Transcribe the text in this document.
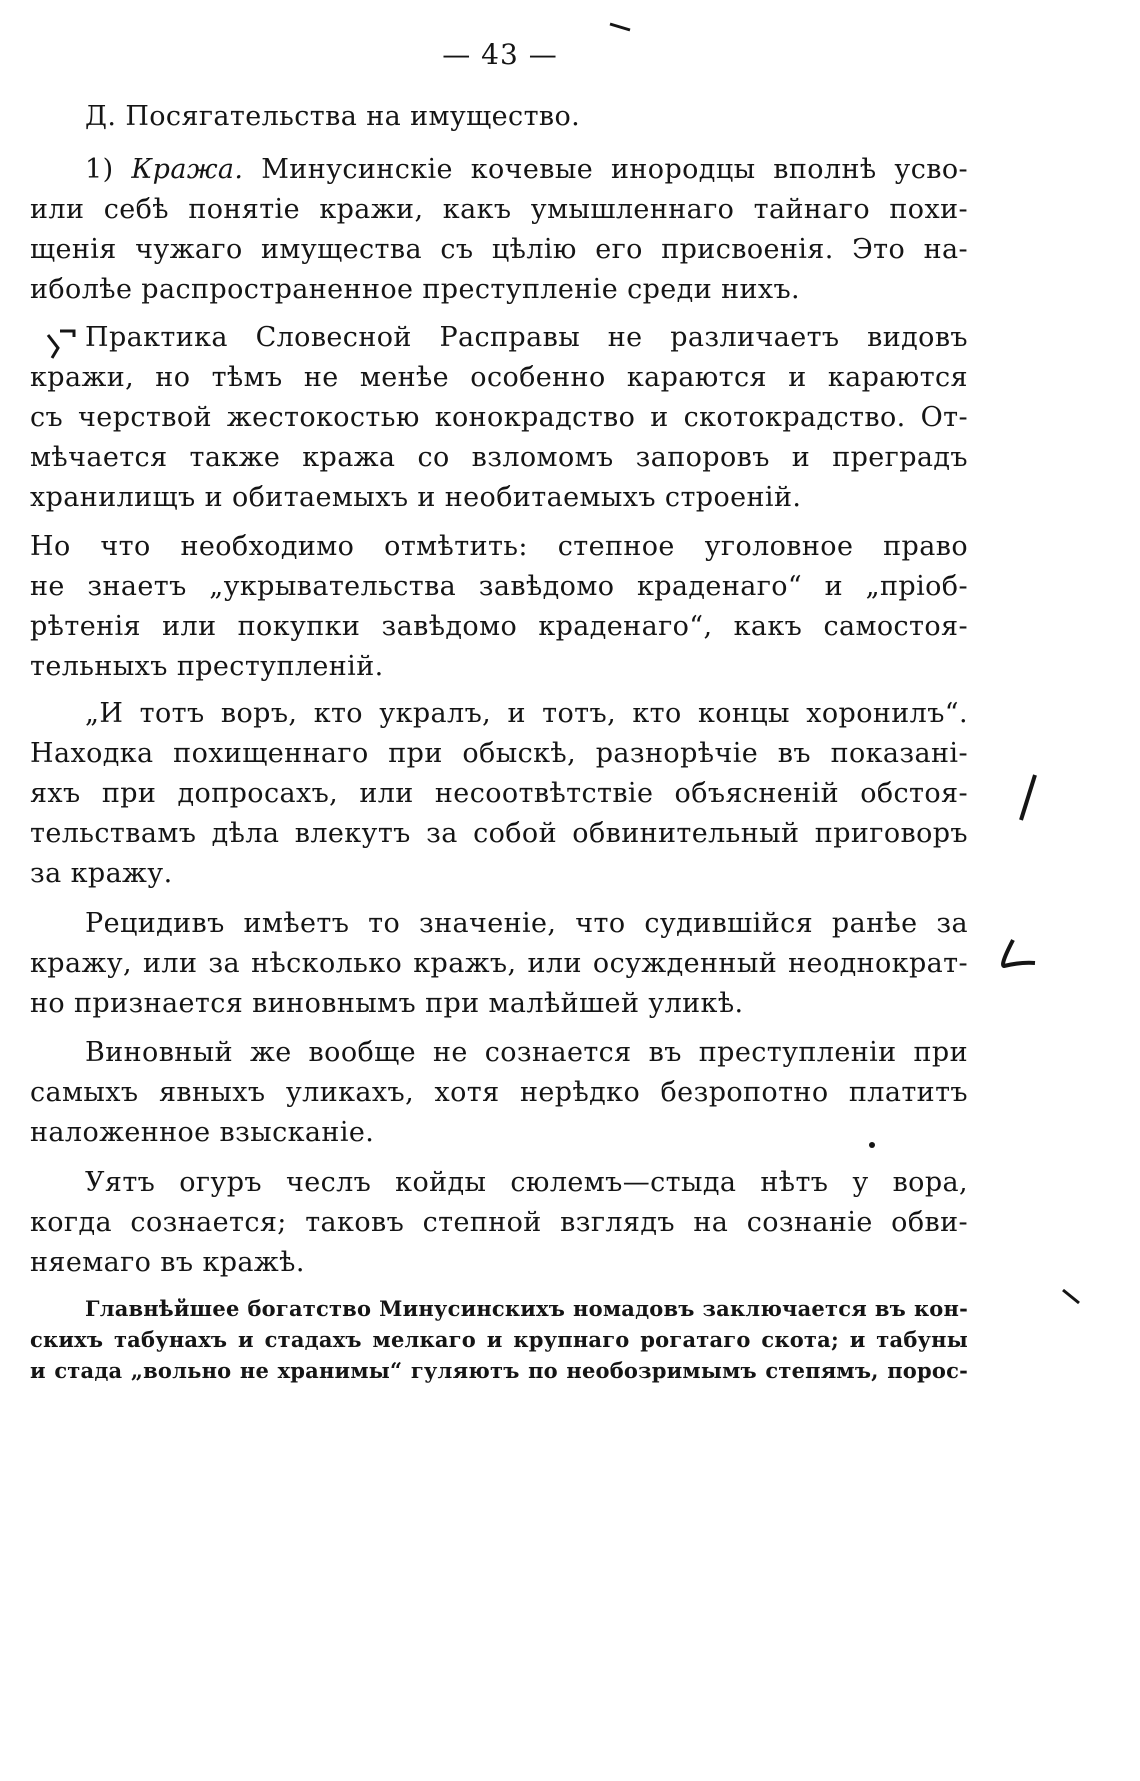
— 43 —
Д. Посягательства на имущество.
1) Кража. Минусинскіе кочевые инородцы вполнѣ усво-
или себѣ понятіе кражи, какъ умышленнаго тайнаго похи-
щенія чужаго имущества съ цѣлію его присвоенія. Это на-
иболѣе распространенное преступленіе среди нихъ.
Практика Словесной Расправы не различаетъ видовъ
кражи, но тѣмъ не менѣе особенно караются и караются
съ черствой жестокостью конокрадство и скотокрадство. От-
мѣчается также кража со взломомъ запоровъ и преградъ
хранилищъ и обитаемыхъ и необитаемыхъ строеній.
Но что необходимо отмѣтить: степное уголовное право
не знаетъ „укрывательства завѣдомо краденаго“ и „пріоб-
рѣтенія или покупки завѣдомо краденаго“, какъ самостоя-
тельныхъ преступленій.
„И тотъ воръ, кто укралъ, и тотъ, кто концы хоронилъ“.
Находка похищеннаго при обыскѣ, разнорѣчіе въ показані-
яхъ при допросахъ, или несоотвѣтствіе объясненій обстоя-
тельствамъ дѣла влекутъ за собой обвинительный приговоръ
за кражу.
Рецидивъ имѣетъ то значеніе, что судившійся ранѣе за
кражу, или за нѣсколько кражъ, или осужденный неоднократ-
но признается виновнымъ при малѣйшей уликѣ.
Виновный же вообще не сознается въ преступленіи при
самыхъ явныхъ уликахъ, хотя нерѣдко безропотно платитъ
наложенное взысканіе.
Уятъ огуръ чеслъ койды сюлемъ—стыда нѣтъ у вора,
когда сознается; таковъ степной взглядъ на сознаніе обви-
няемаго въ кражѣ.
Главнѣйшее богатство Минусинскихъ номадовъ заключается въ кон-
скихъ табунахъ и стадахъ мелкаго и крупнаго рогатаго скота; и табуны
и стада „вольно не хранимы“ гуляютъ по необозримымъ степямъ, порос-
